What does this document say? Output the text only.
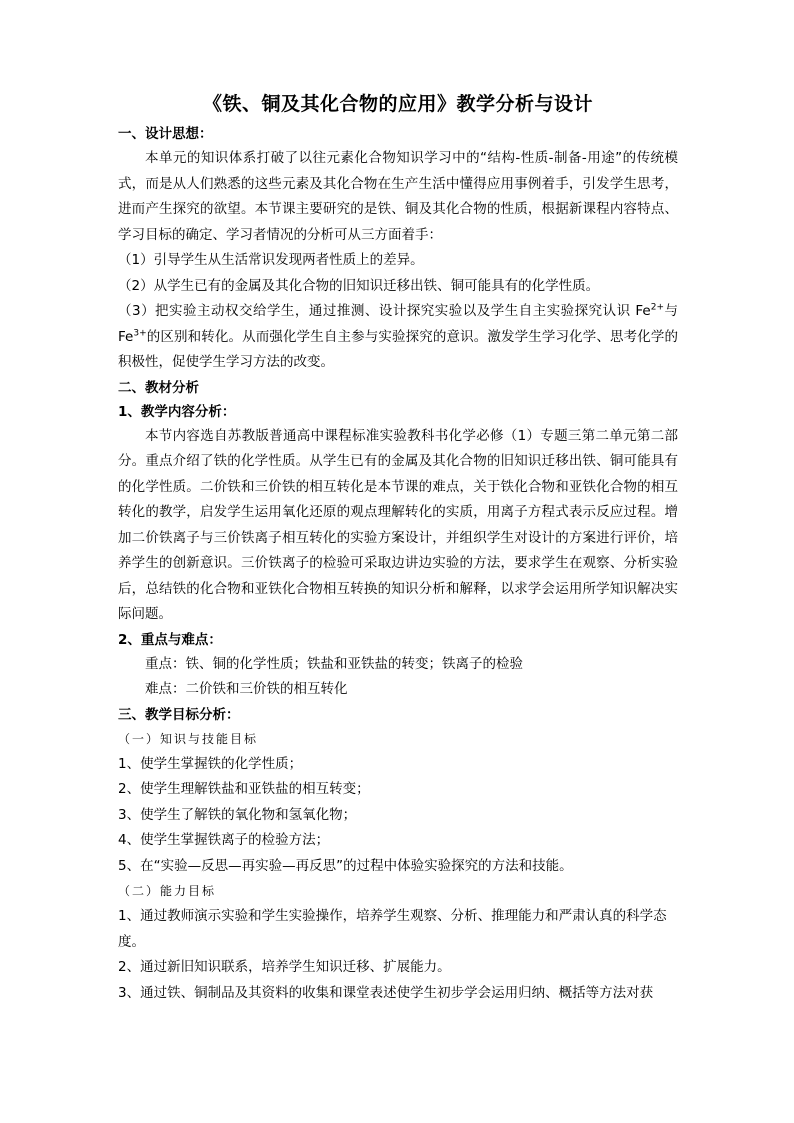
《铁、铜及其化合物的应用》教学分析与设计

一、设计思想：

本单元的知识体系打破了以往元素化合物知识学习中的“结构-性质-制备-用途”的传统模式，而是从人们熟悉的这些元素及其化合物在生产生活中懂得应用事例着手，引发学生思考，进而产生探究的欲望。本节课主要研究的是铁、铜及其化合物的性质，根据新课程内容特点、学习目标的确定、学习者情况的分析可从三方面着手：

（1）引导学生从生活常识发现两者性质上的差异。

（2）从学生已有的金属及其化合物的旧知识迁移出铁、铜可能具有的化学性质。

（3）把实验主动权交给学生，通过推测、设计探究实验以及学生自主实验探究认识 $Fe^{2+}$与 $Fe^{3+}$的区别和转化。从而强化学生自主参与实验探究的意识。激发学生学习化学、思考化学的积极性，促使学生学习方法的改变。

二、教材分析

1、教学内容分析：

本节内容选自苏教版普通高中课程标准实验教科书化学必修（1）专题三第二单元第二部分。重点介绍了铁的化学性质。从学生已有的金属及其化合物的旧知识迁移出铁、铜可能具有的化学性质。二价铁和三价铁的相互转化是本节课的难点，关于铁化合物和亚铁化合物的相互转化的教学，启发学生运用氧化还原的观点理解转化的实质，用离子方程式表示反应过程。增加二价铁离子与三价铁离子相互转化的实验方案设计，并组织学生对设计的方案进行评价，培养学生的创新意识。三价铁离子的检验可采取边讲边实验的方法，要求学生在观察、分析实验后，总结铁的化合物和亚铁化合物相互转换的知识分析和解释，以求学会运用所学知识解决实际问题。

2、重点与难点：

重点：铁、铜的化学性质；铁盐和亚铁盐的转变；铁离子的检验

难点：二价铁和三价铁的相互转化

三、教学目标分析：

（一）知识与技能目标

1、使学生掌握铁的化学性质；

2、使学生理解铁盐和亚铁盐的相互转变；

3、使学生了解铁的氧化物和氢氧化物；

4、使学生掌握铁离子的检验方法；

5、在“实验—反思—再实验—再反思”的过程中体验实验探究的方法和技能。

（二）能力目标

1、通过教师演示实验和学生实验操作，培养学生观察、分析、推理能力和严肃认真的科学态度。

2、通过新旧知识联系，培养学生知识迁移、扩展能力。

3、通过铁、铜制品及其资料的收集和课堂表述使学生初步学会运用归纳、概括等方法对获
